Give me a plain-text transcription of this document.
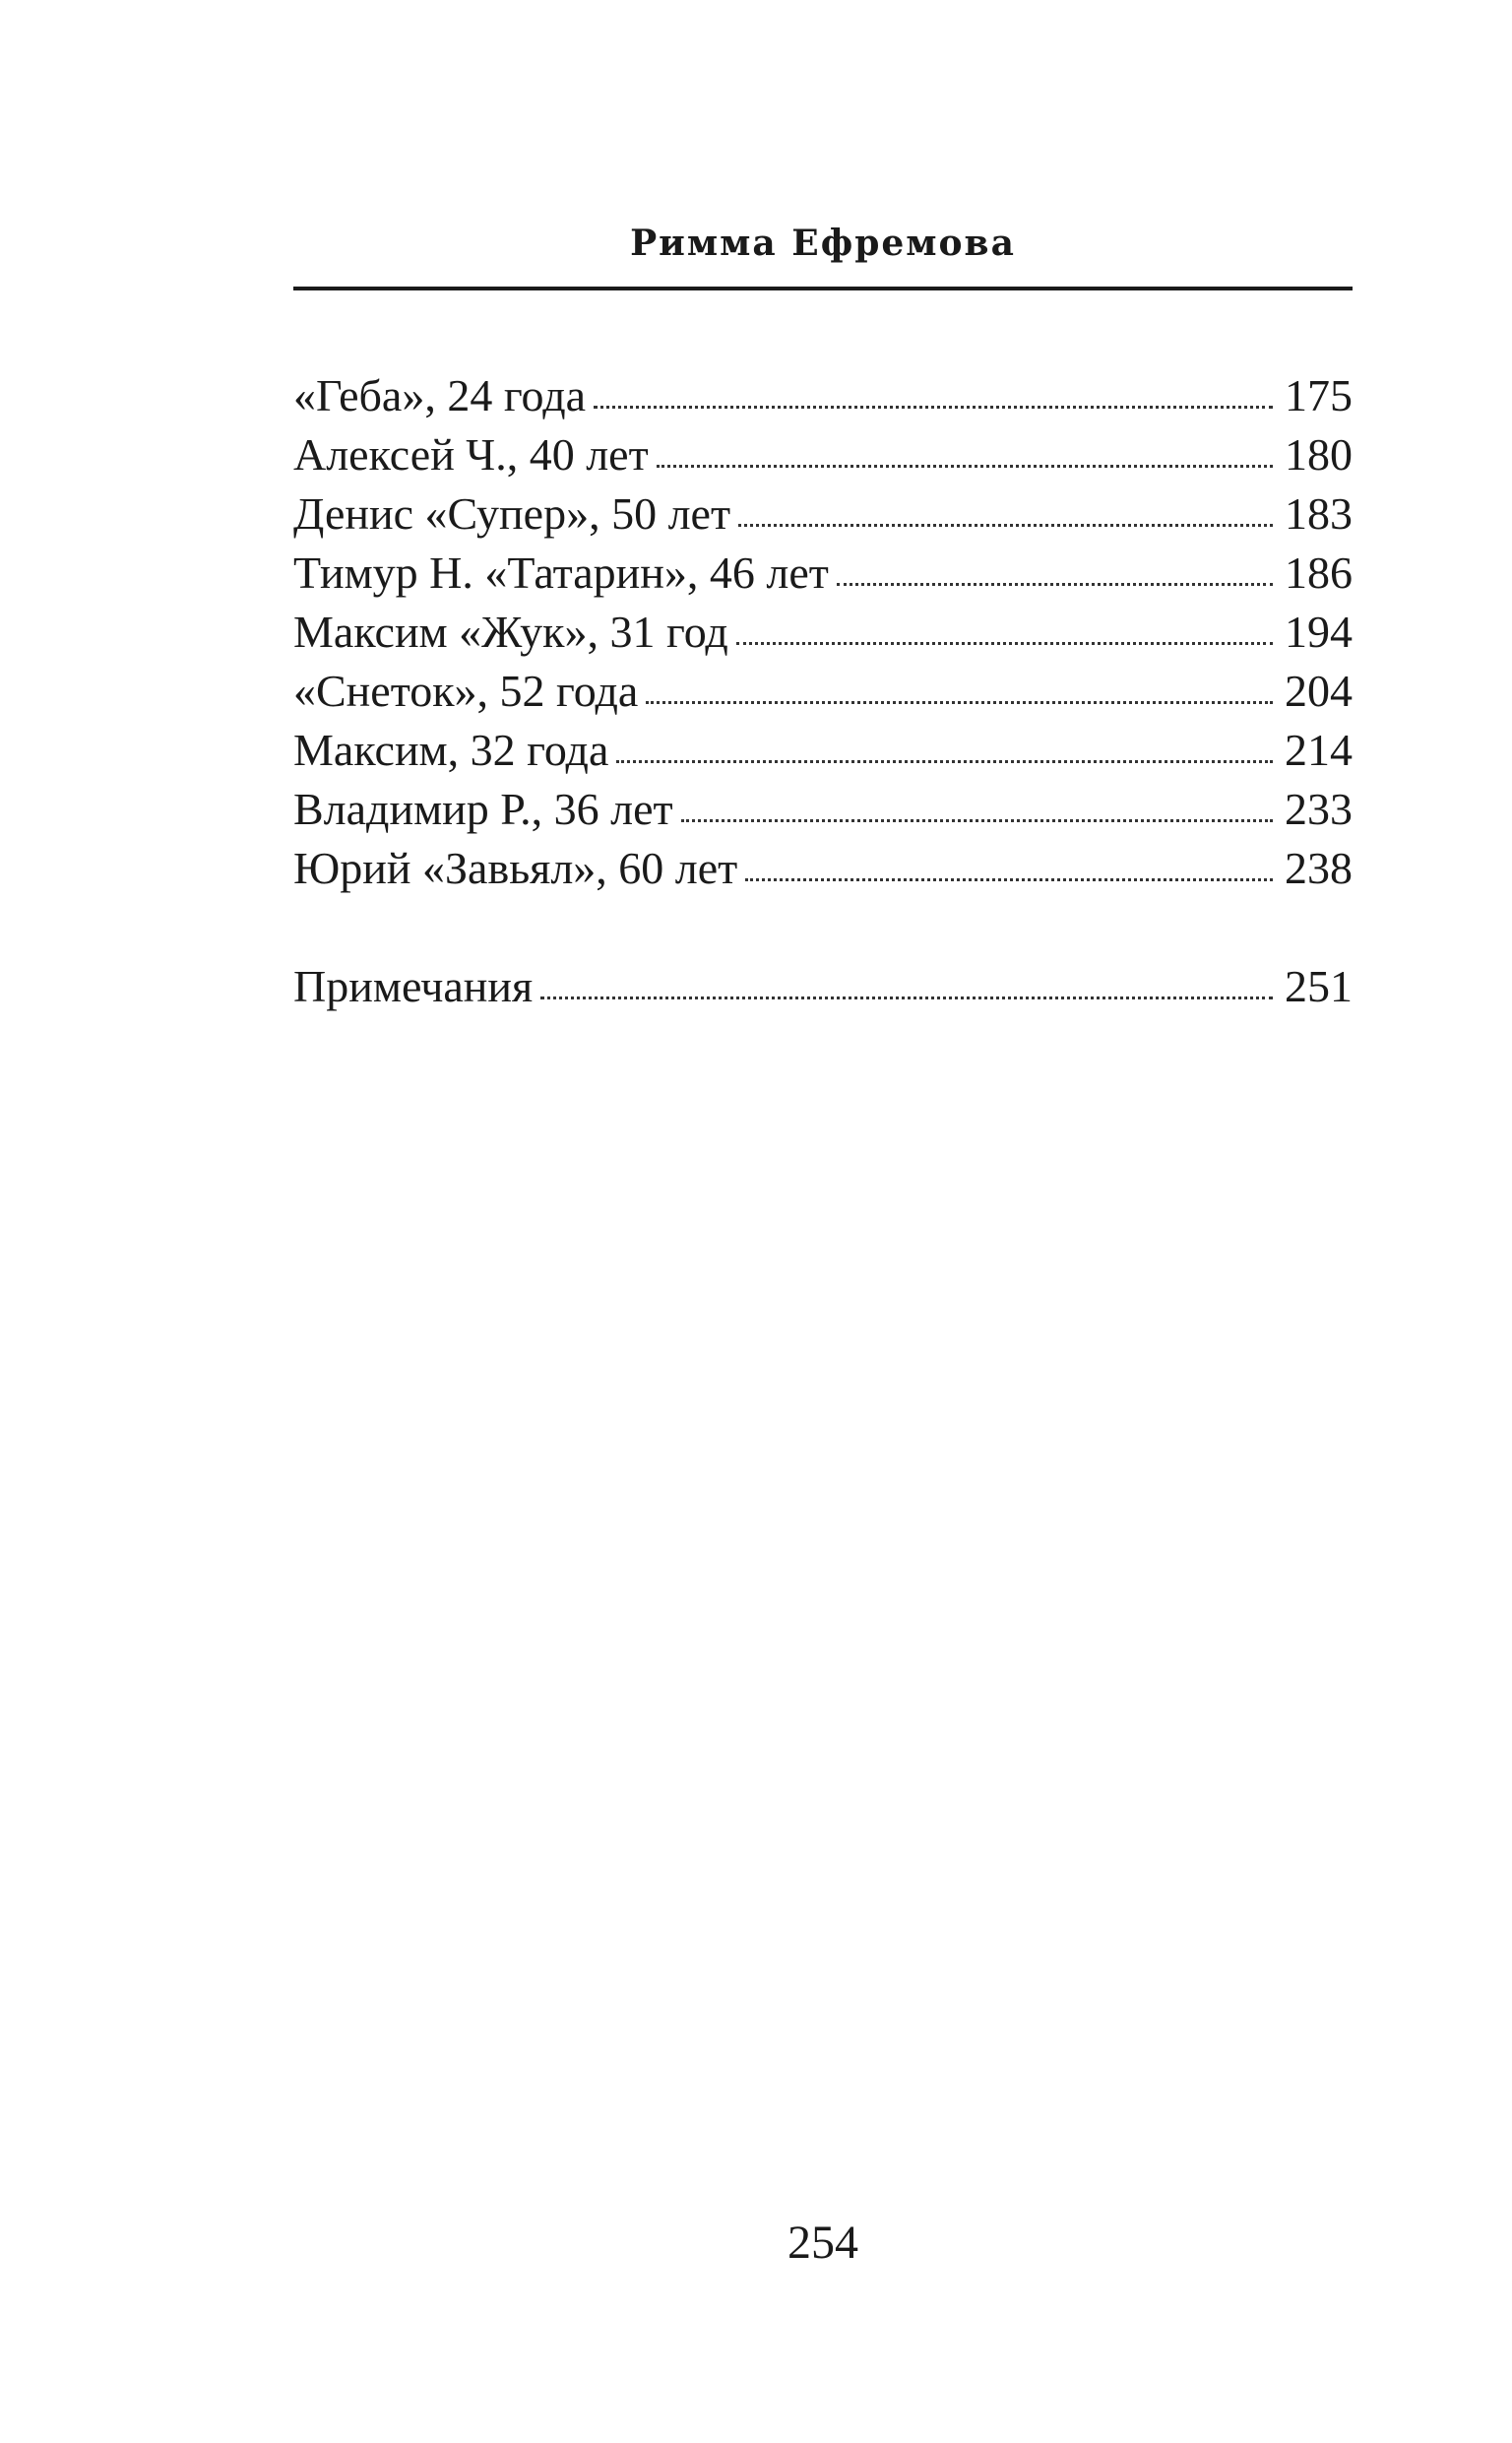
Римма Ефремова
«Геба», 24 года	175
Алексей Ч., 40 лет	180
Денис «Супер», 50 лет	183
Тимур Н. «Татарин», 46 лет	186
Максим «Жук», 31 год	194
«Снеток», 52 года	204
Максим, 32 года	214
Владимир Р., 36 лет	233
Юрий «Завьял», 60 лет	238
Примечания	251
254
